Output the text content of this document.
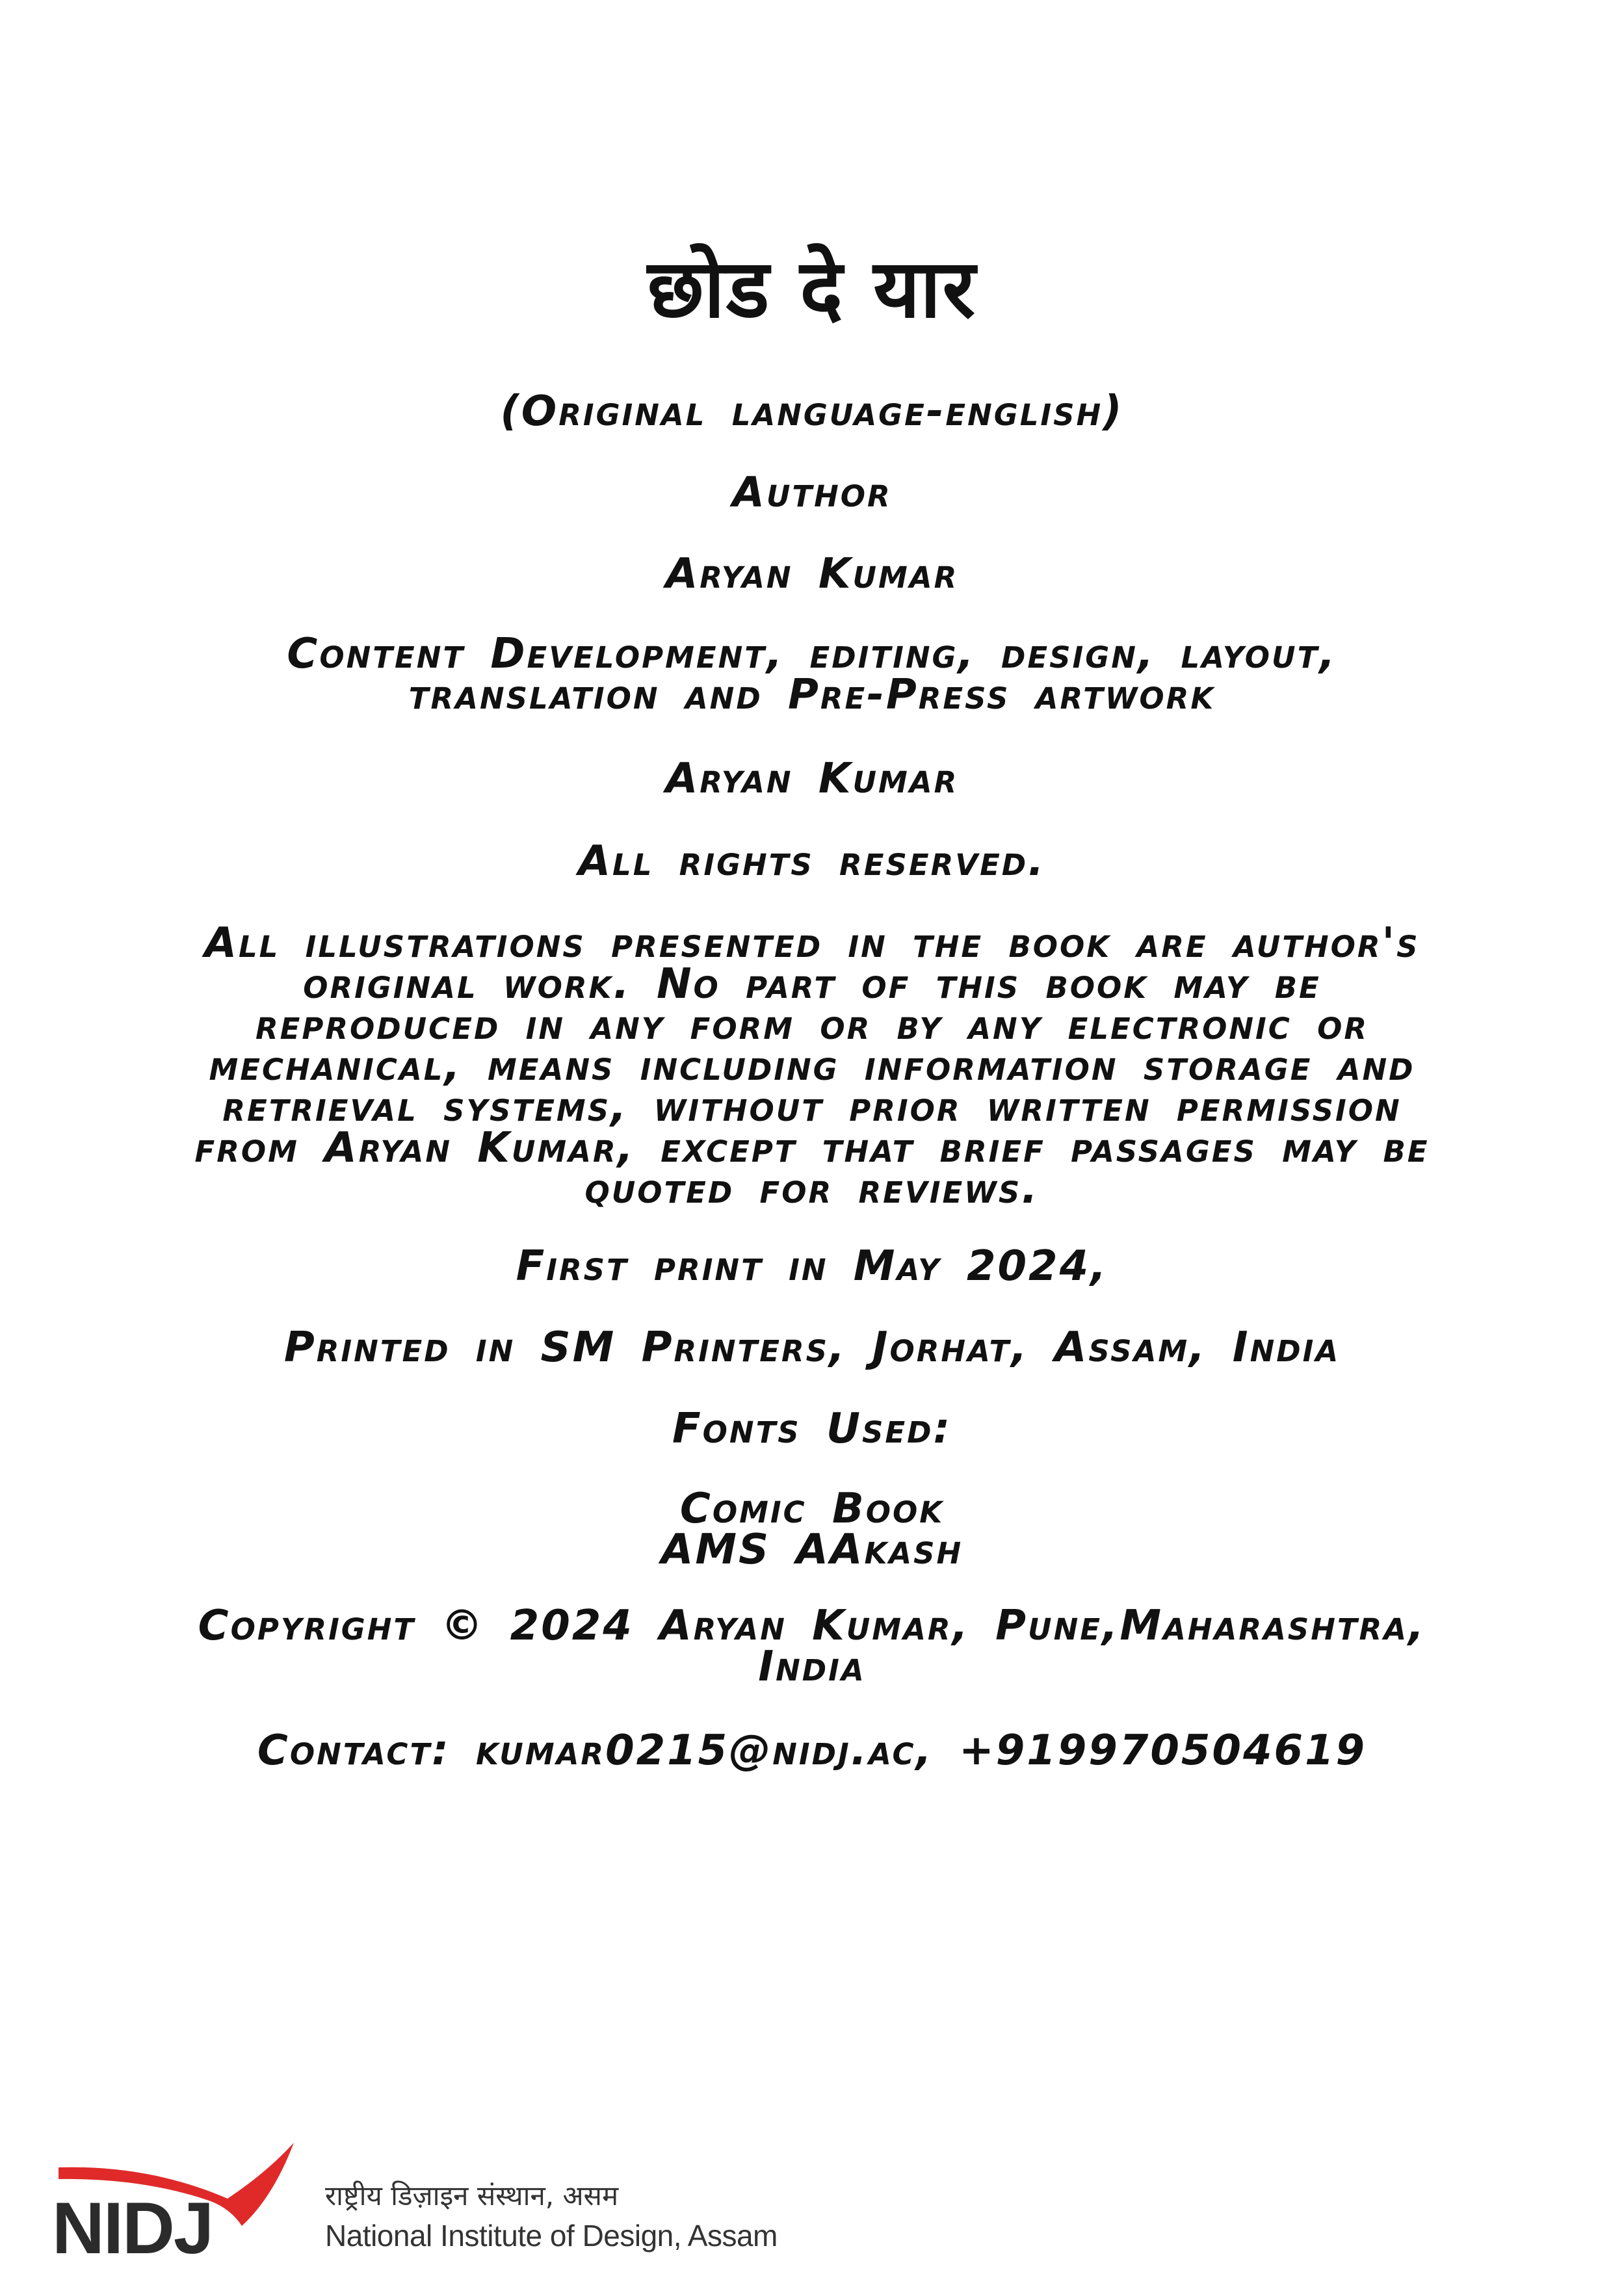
छोड दे यार
(Original language-english)
Author
Aryan Kumar
Content Development, editing, design, layout,
translation and Pre-Press artwork
Aryan Kumar
All rights reserved.
All illustrations presented in the book are author's
original work. No part of this book may be
reproduced in any form or by any electronic or
mechanical, means including information storage and
retrieval systems, without prior written permission
from Aryan Kumar, except that brief passages may be
quoted for reviews.
First print in May 2024,
Printed in SM Printers, Jorhat, Assam, India
Fonts Used:
Comic Book
AMS AAkash
Copyright © 2024 Aryan Kumar, Pune,Maharashtra,
India
Contact: kumar0215@nidj.ac, +919970504619
NIDJ	राष्ट्रीय डिज़ाइन संस्थान, असम
National Institute of Design, Assam
